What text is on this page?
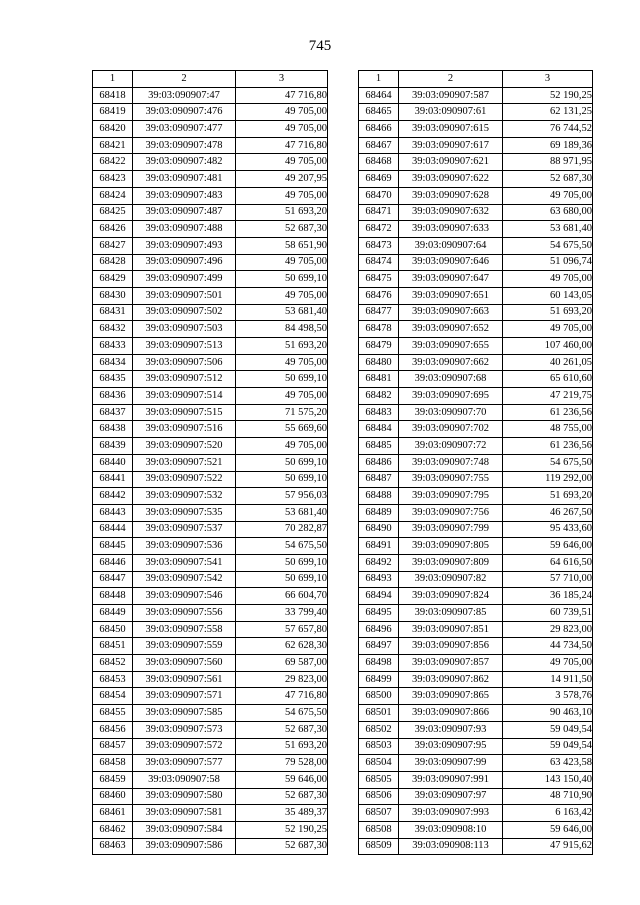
745
1	2	3
68418	39:03:090907:47	47 716,80
68419	39:03:090907:476	49 705,00
68420	39:03:090907:477	49 705,00
68421	39:03:090907:478	47 716,80
68422	39:03:090907:482	49 705,00
68423	39:03:090907:481	49 207,95
68424	39:03:090907:483	49 705,00
68425	39:03:090907:487	51 693,20
68426	39:03:090907:488	52 687,30
68427	39:03:090907:493	58 651,90
68428	39:03:090907:496	49 705,00
68429	39:03:090907:499	50 699,10
68430	39:03:090907:501	49 705,00
68431	39:03:090907:502	53 681,40
68432	39:03:090907:503	84 498,50
68433	39:03:090907:513	51 693,20
68434	39:03:090907:506	49 705,00
68435	39:03:090907:512	50 699,10
68436	39:03:090907:514	49 705,00
68437	39:03:090907:515	71 575,20
68438	39:03:090907:516	55 669,60
68439	39:03:090907:520	49 705,00
68440	39:03:090907:521	50 699,10
68441	39:03:090907:522	50 699,10
68442	39:03:090907:532	57 956,03
68443	39:03:090907:535	53 681,40
68444	39:03:090907:537	70 282,87
68445	39:03:090907:536	54 675,50
68446	39:03:090907:541	50 699,10
68447	39:03:090907:542	50 699,10
68448	39:03:090907:546	66 604,70
68449	39:03:090907:556	33 799,40
68450	39:03:090907:558	57 657,80
68451	39:03:090907:559	62 628,30
68452	39:03:090907:560	69 587,00
68453	39:03:090907:561	29 823,00
68454	39:03:090907:571	47 716,80
68455	39:03:090907:585	54 675,50
68456	39:03:090907:573	52 687,30
68457	39:03:090907:572	51 693,20
68458	39:03:090907:577	79 528,00
68459	39:03:090907:58	59 646,00
68460	39:03:090907:580	52 687,30
68461	39:03:090907:581	35 489,37
68462	39:03:090907:584	52 190,25
68463	39:03:090907:586	52 687,30
1	2	3
68464	39:03:090907:587	52 190,25
68465	39:03:090907:61	62 131,25
68466	39:03:090907:615	76 744,52
68467	39:03:090907:617	69 189,36
68468	39:03:090907:621	88 971,95
68469	39:03:090907:622	52 687,30
68470	39:03:090907:628	49 705,00
68471	39:03:090907:632	63 680,00
68472	39:03:090907:633	53 681,40
68473	39:03:090907:64	54 675,50
68474	39:03:090907:646	51 096,74
68475	39:03:090907:647	49 705,00
68476	39:03:090907:651	60 143,05
68477	39:03:090907:663	51 693,20
68478	39:03:090907:652	49 705,00
68479	39:03:090907:655	107 460,00
68480	39:03:090907:662	40 261,05
68481	39:03:090907:68	65 610,60
68482	39:03:090907:695	47 219,75
68483	39:03:090907:70	61 236,56
68484	39:03:090907:702	48 755,00
68485	39:03:090907:72	61 236,56
68486	39:03:090907:748	54 675,50
68487	39:03:090907:755	119 292,00
68488	39:03:090907:795	51 693,20
68489	39:03:090907:756	46 267,50
68490	39:03:090907:799	95 433,60
68491	39:03:090907:805	59 646,00
68492	39:03:090907:809	64 616,50
68493	39:03:090907:82	57 710,00
68494	39:03:090907:824	36 185,24
68495	39:03:090907:85	60 739,51
68496	39:03:090907:851	29 823,00
68497	39:03:090907:856	44 734,50
68498	39:03:090907:857	49 705,00
68499	39:03:090907:862	14 911,50
68500	39:03:090907:865	3 578,76
68501	39:03:090907:866	90 463,10
68502	39:03:090907:93	59 049,54
68503	39:03:090907:95	59 049,54
68504	39:03:090907:99	63 423,58
68505	39:03:090907:991	143 150,40
68506	39:03:090907:97	48 710,90
68507	39:03:090907:993	6 163,42
68508	39:03:090908:10	59 646,00
68509	39:03:090908:113	47 915,62
